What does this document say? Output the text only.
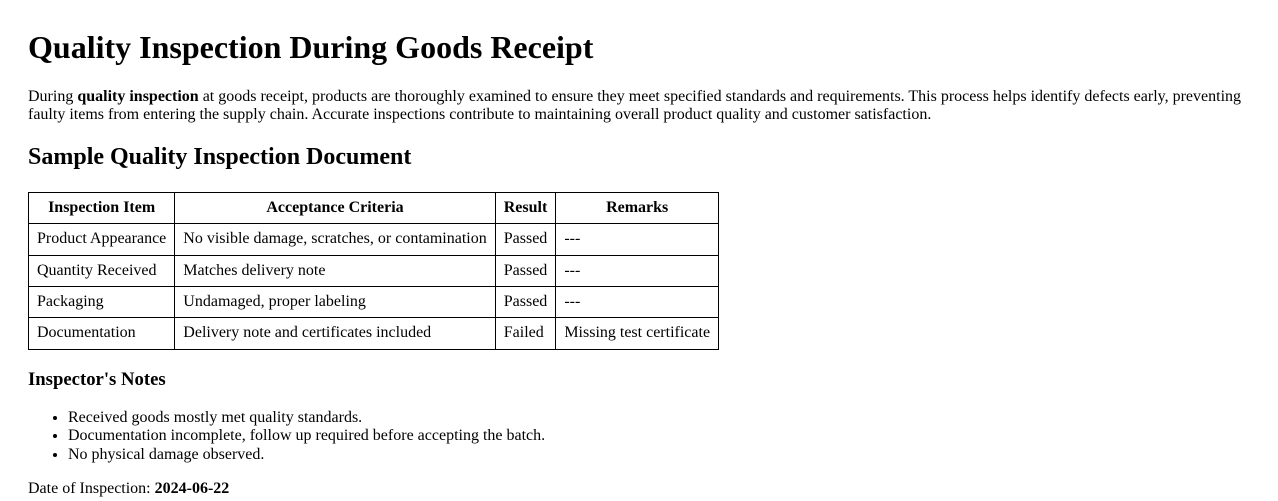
Quality Inspection During Goods Receipt

During quality inspection at goods receipt, products are thoroughly examined to ensure they meet specified standards and requirements. This process helps identify defects early, preventing faulty items from entering the supply chain. Accurate inspections contribute to maintaining overall product quality and customer satisfaction.

Sample Quality Inspection Document
Inspection Item	Acceptance Criteria	Result	Remarks
Product Appearance	No visible damage, scratches, or contamination	Passed	---
Quantity Received	Matches delivery note	Passed	---
Packaging	Undamaged, proper labeling	Passed	---
Documentation	Delivery note and certificates included	Failed	Missing test certificate
Inspector's Notes
• Received goods mostly met quality standards.
• Documentation incomplete, follow up required before accepting the batch.
• No physical damage observed.

Date of Inspection: 2024-06-22
